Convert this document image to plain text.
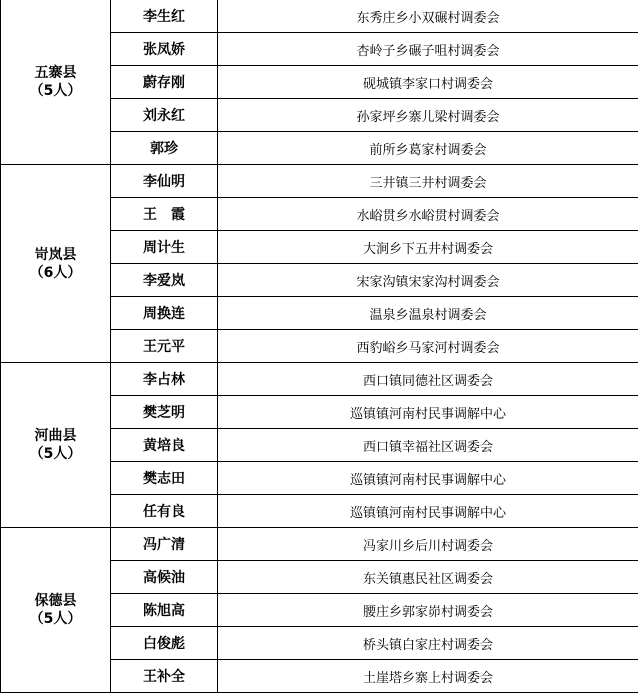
五寨县
（5人）	李生红	东秀庄乡小双碾村调委会
	张凤娇	杏岭子乡碾子咀村调委会
	蔚存刚	砚城镇李家口村调委会
	刘永红	孙家坪乡寨儿梁村调委会
	郭珍	前所乡葛家村调委会

岢岚县
（6人）	李仙明	三井镇三井村调委会
	王　霞	水峪贯乡水峪贯村调委会
	周计生	大涧乡下五井村调委会
	李爱岚	宋家沟镇宋家沟村调委会
	周换连	温泉乡温泉村调委会
	王元平	西豹峪乡马家河村调委会

河曲县
（5人）	李占林	西口镇同德社区调委会
	樊芝明	巡镇镇河南村民事调解中心
	黄培良	西口镇幸福社区调委会
	樊志田	巡镇镇河南村民事调解中心
	任有良	巡镇镇河南村民事调解中心

保德县
（5人）	冯广清	冯家川乡后川村调委会
	高候油	东关镇惠民社区调委会
	陈旭高	腰庄乡郭家峁村调委会
	白俊彪	桥头镇白家庄村调委会
	王补全	土崖塔乡寨上村调委会
